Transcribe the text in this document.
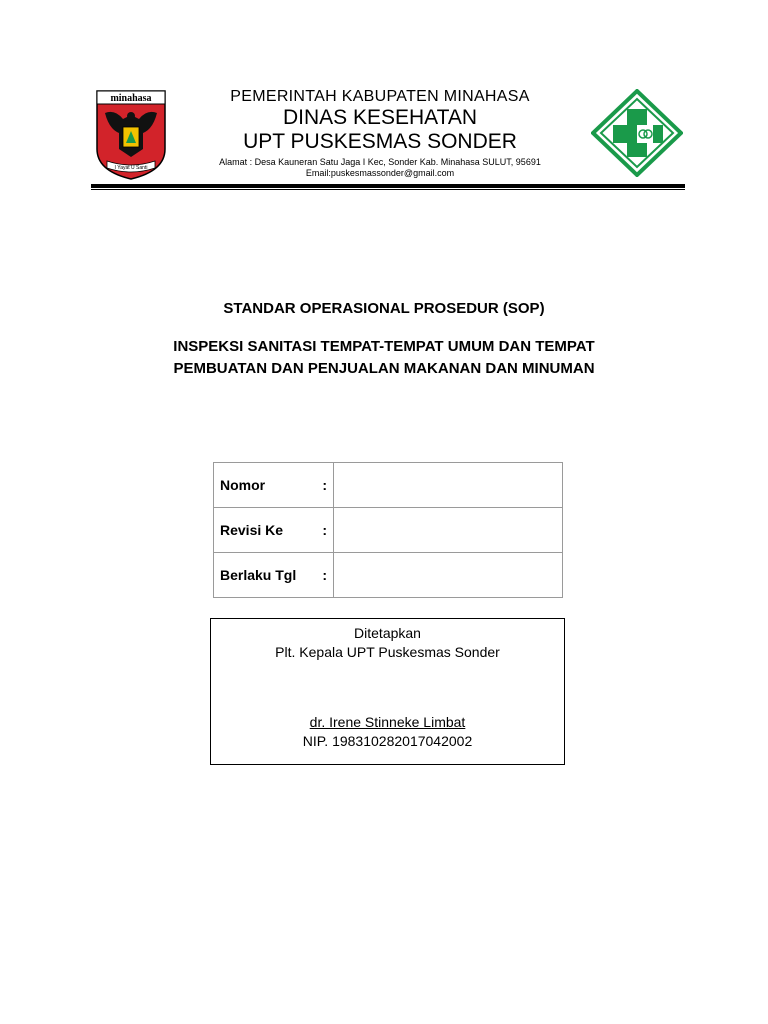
minahasa
I Yayat U Santi
PEMERINTAH KABUPATEN MINAHASA
DINAS KESEHATAN
UPT PUSKESMAS SONDER
Alamat : Desa Kauneran Satu Jaga I Kec, Sonder Kab. Minahasa SULUT, 95691
Email:puskesmassonder@gmail.com
STANDAR OPERASIONAL PROSEDUR (SOP)
INSPEKSI SANITASI TEMPAT-TEMPAT UMUM DAN TEMPAT
PEMBUATAN DAN PENJUALAN MAKANAN DAN MINUMAN
Nomor :	

Revisi Ke :	

Berlaku Tgl :	

Ditetapkan
Plt. Kepala UPT Puskesmas Sonder
dr. Irene Stinneke Limbat
NIP. 198310282017042002
